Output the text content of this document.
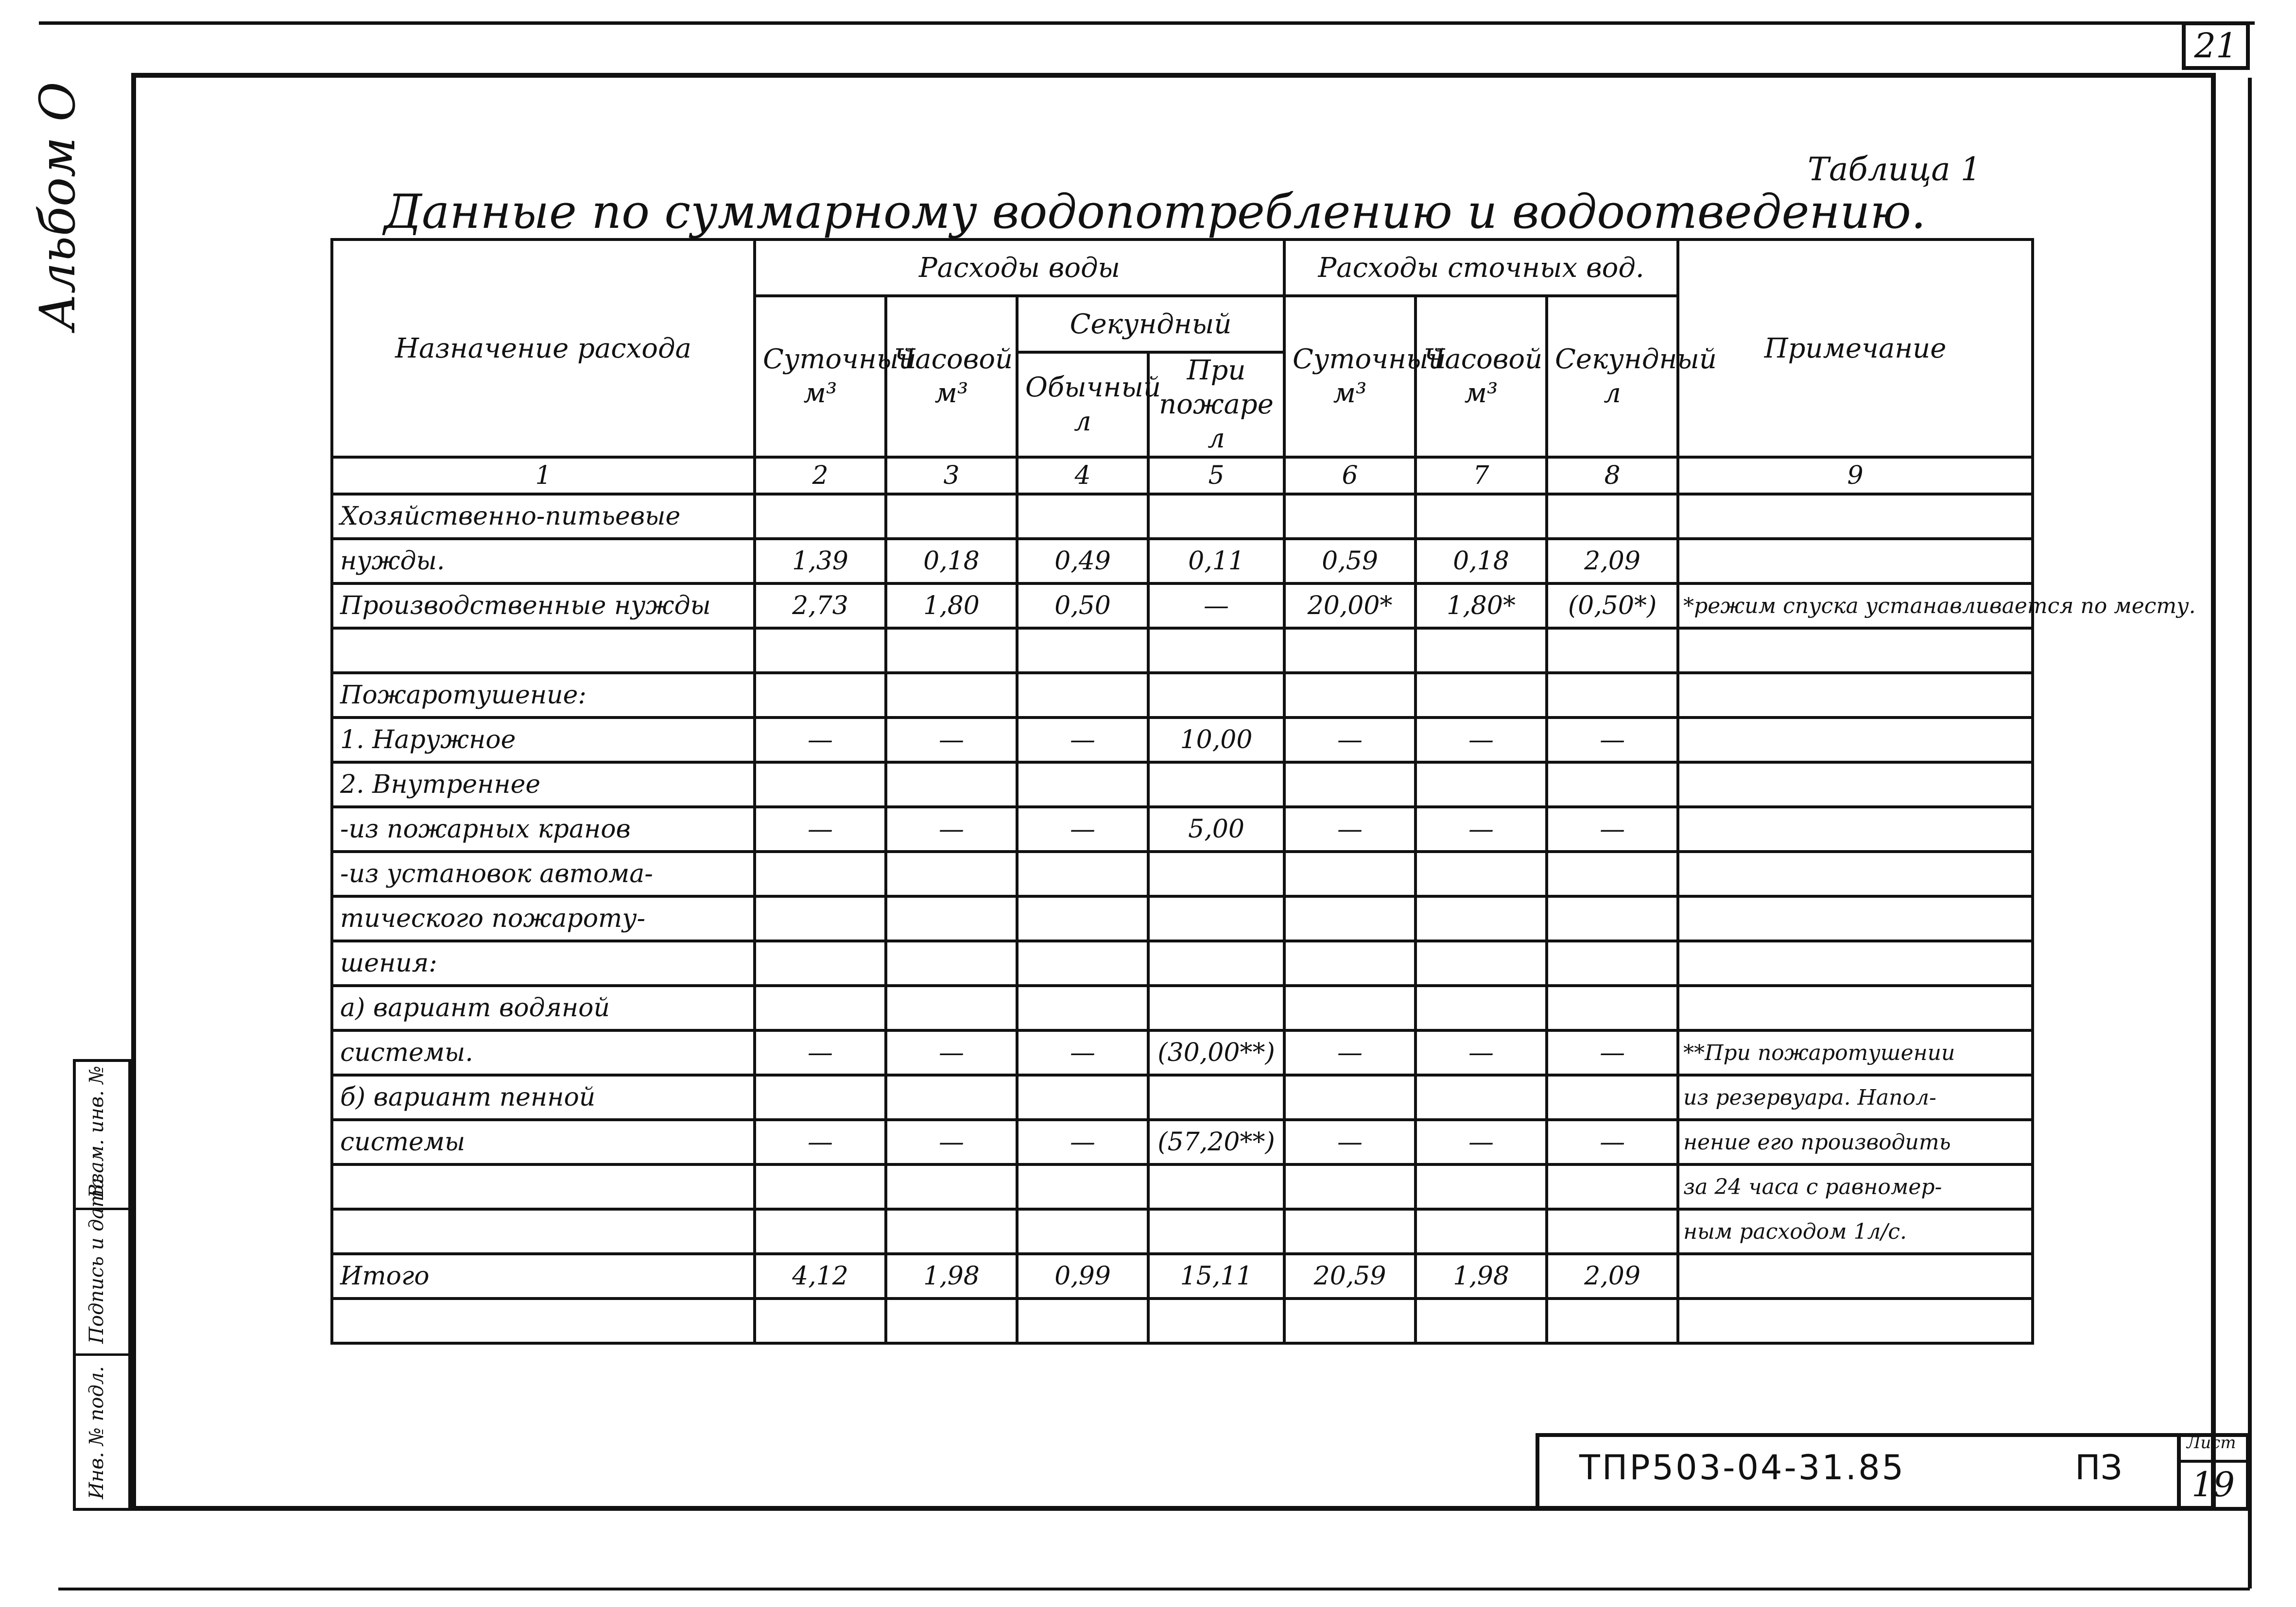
21
Альбом О
Взам. инв. №
Подпись и дата
Инв. № подл.
Таблица 1
Данные по суммарному водопотреблению и водоотведению.
Назначение расхода	Расходы воды				Расходы сточных вод.			Примечание
	Суточный м³	Часовой м³	Секундный		Суточный м³	Часовой м³	Секундный л	
			Обычный л	При пожаре л				
1	2	3	4	5	6	7	8	9
Хозяйственно-питьевые								
нужды.	1,39	0,18	0,49	0,11	0,59	0,18	2,09	
Производственные нужды	2,73	1,80	0,50	—	20,00*	1,80*	(0,50*)	*режим спуска устанавливается по месту.

Пожаротушение:								
1. Наружное	—	—	—	10,00	—	—	—	
2. Внутреннее								
-из пожарных кранов	—	—	—	5,00	—	—	—	
-из установок автома-								
тического пожароту-								
шения:								
а) вариант водяной								
системы.	—	—	—	(30,00**)	—	—	—	**При пожаротушении
б) вариант пенной								из резервуара. Напол-
системы	—	—	—	(57,20**)	—	—	—	нение его производить
								за 24 часа с равномер-
								ным расходом 1л/с.
Итого	4,12	1,98	0,99	15,11	20,59	1,98	2,09	

ТПР503-04-31.85	ПЗ
Лист
19
